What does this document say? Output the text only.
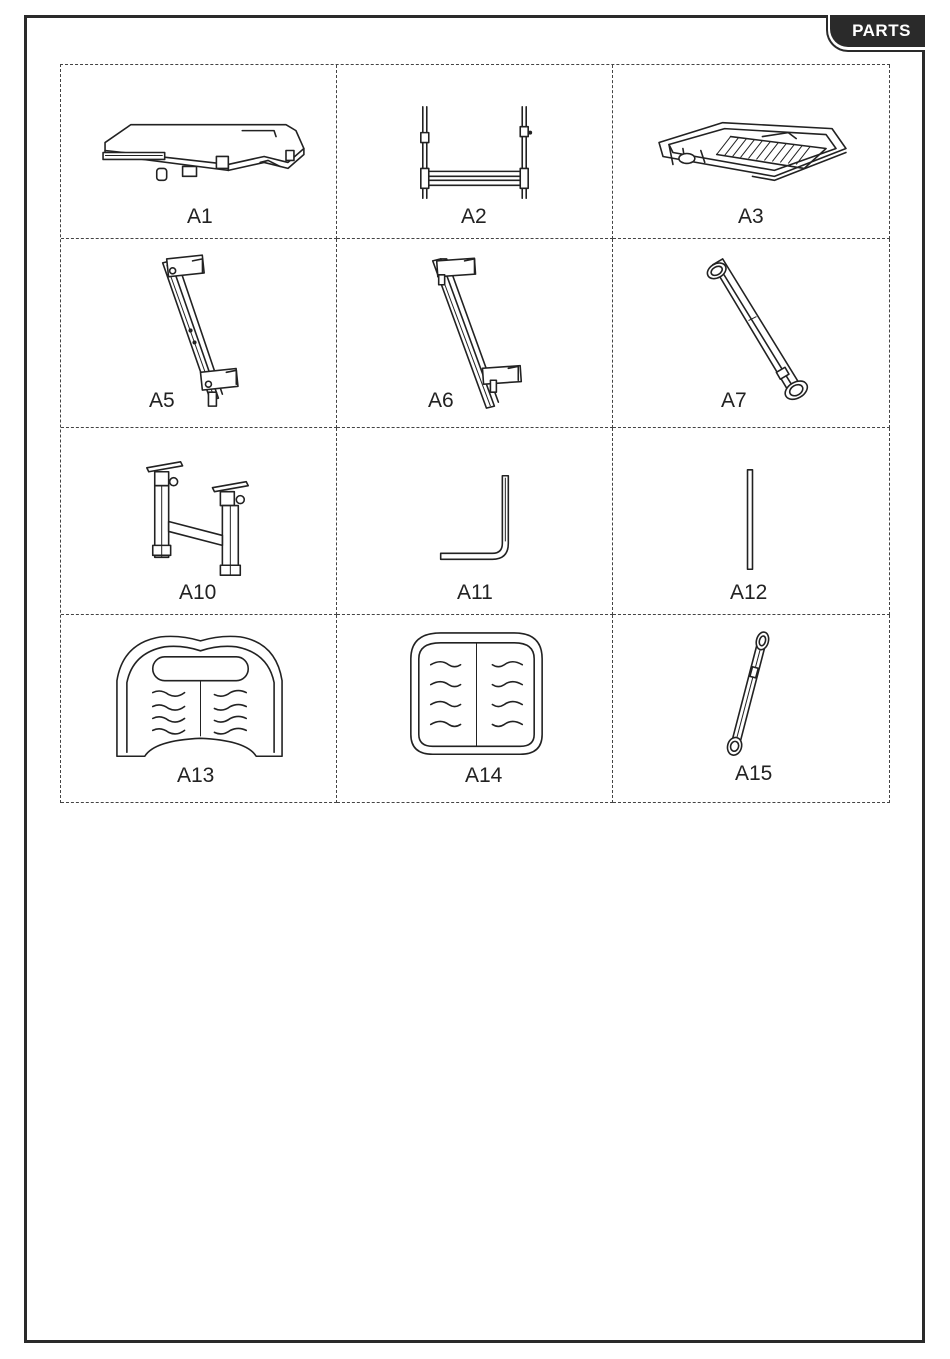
PARTS
A1	A2	A3
A5	A6	A7
A10	A11	A12
A13	A14	A15
